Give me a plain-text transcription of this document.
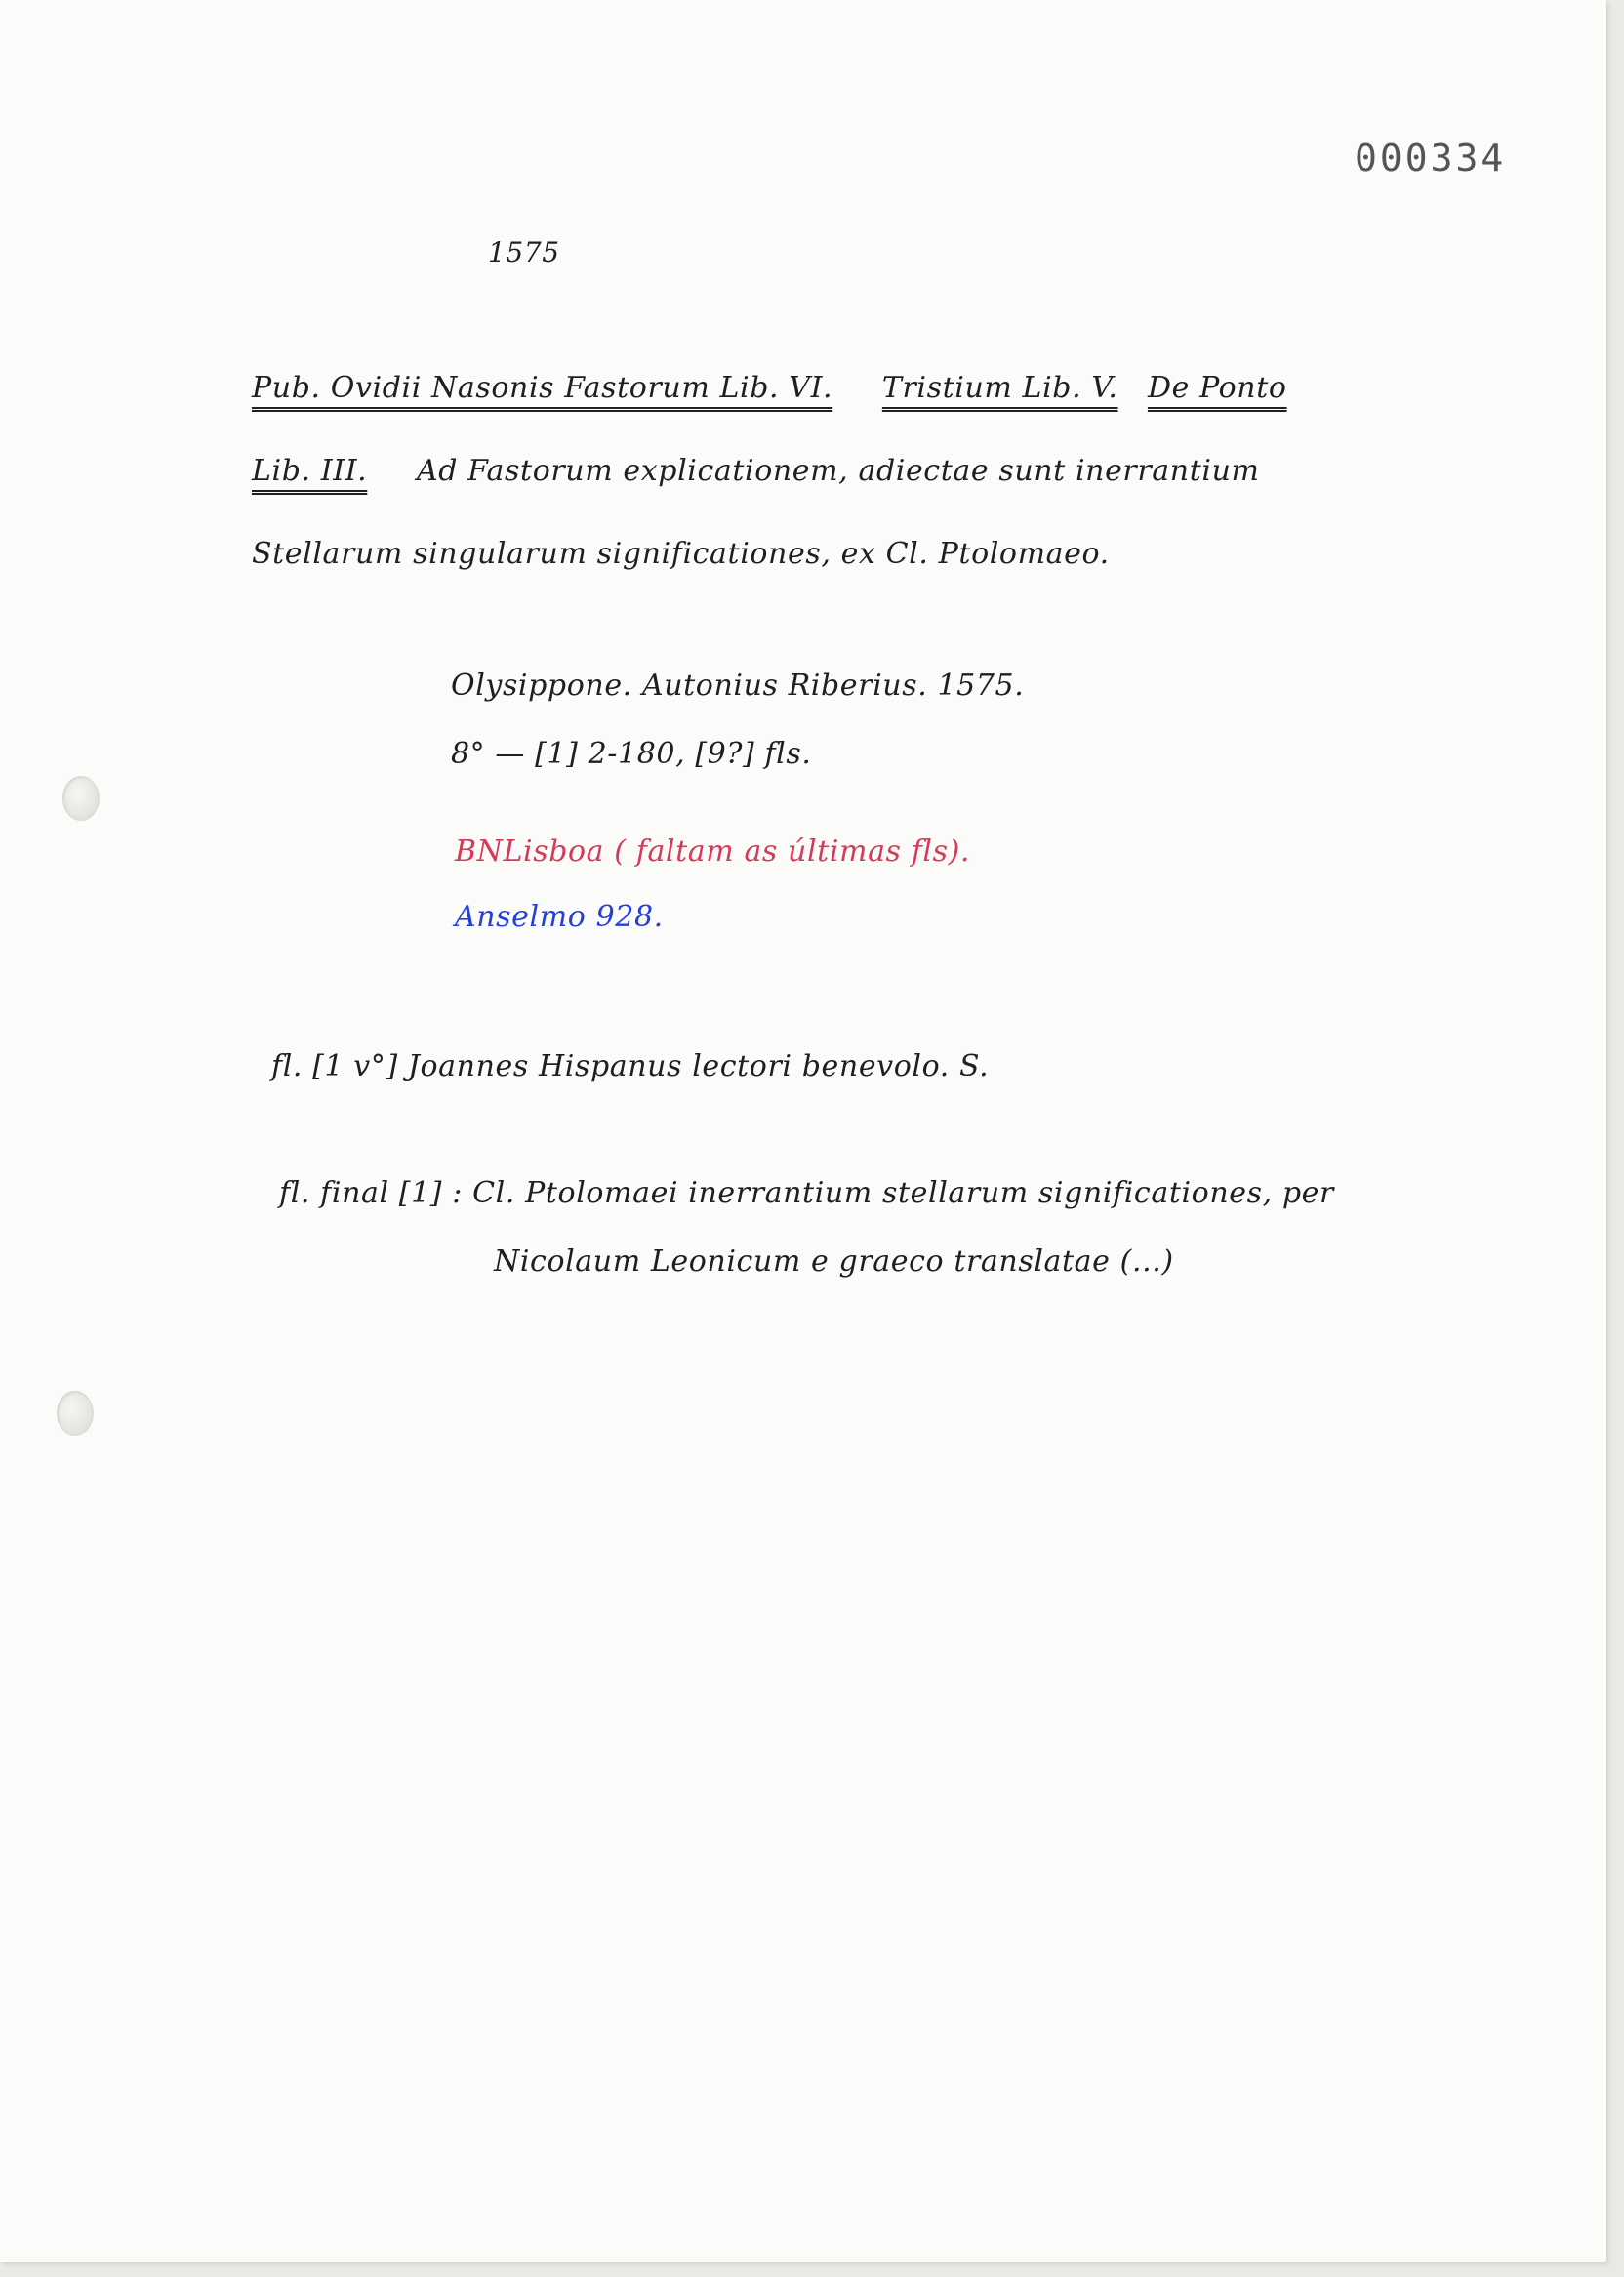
000334
1575
Pub. Ovidii Nasonis Fastorum Lib. VI. Tristium Lib. V. De Ponto
Lib. III. Ad Fastorum explicationem, adiectae sunt inerrantium
Stellarum singularum significationes, ex Cl. Ptolomaeo.
Olysippone. Autonius Riberius. 1575.
8° — [1] 2-180, [9?] fls.
BNLisboa ( faltam as últimas fls).
Anselmo 928.
fl. [1 v°] Joannes Hispanus lectori benevolo. S.
fl. final [1] : Cl. Ptolomaei inerrantium stellarum significationes, per
Nicolaum Leonicum e graeco translatae (...)
